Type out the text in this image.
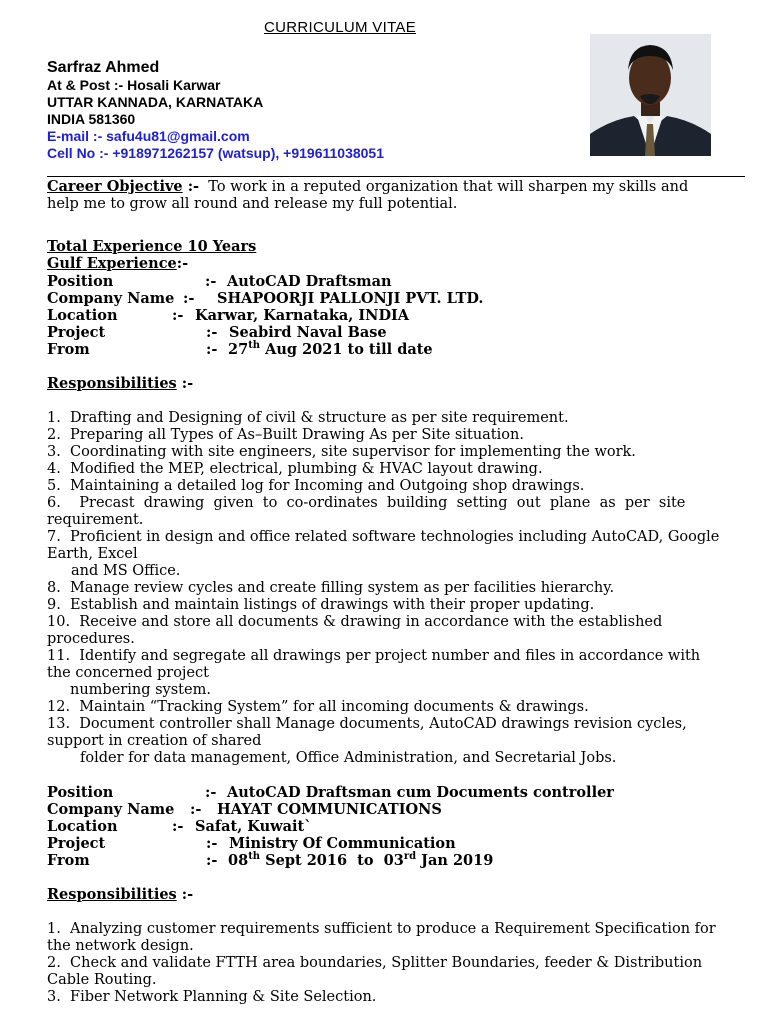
CURRICULUM VITAE
Sarfraz Ahmed
At & Post :- Hosali Karwar
UTTAR KANNADA, KARNATAKA
INDIA 581360
E-mail :- safu4u81@gmail.com
Cell No :- +918971262157 (watsup), +919611038051
Career Objective :-  To work in a reputed organization that will sharpen my skills and
help me to grow all round and release my full potential.
Total Experience 10 Years
Gulf Experience:-
Position	:- AutoCAD Draftsman
Company Name :-	SHAPOORJI PALLONJI PVT. LTD.
Location	:- Karwar, Karnataka, INDIA
Project	:- Seabird Naval Base
From	:- 27th Aug 2021 to till date
Responsibilities :-
1.  Drafting and Designing of civil & structure as per site requirement.
2.  Preparing all Types of As–Built Drawing As per Site situation.
3.  Coordinating with site engineers, site supervisor for implementing the work.
4.  Modified the MEP, electrical, plumbing & HVAC layout drawing.
5.  Maintaining a detailed log for Incoming and Outgoing shop drawings.
6.    Precast  drawing  given  to  co-ordinates  building  setting  out  plane  as  per  site
requirement.
7.  Proficient in design and office related software technologies including AutoCAD, Google
Earth, Excel
and MS Office.
8.  Manage review cycles and create filling system as per facilities hierarchy.
9.  Establish and maintain listings of drawings with their proper updating.
10.  Receive and store all documents & drawing in accordance with the established
procedures.
11.  Identify and segregate all drawings per project number and files in accordance with
the concerned project
numbering system.
12.  Maintain “Tracking System” for all incoming documents & drawings.
13.  Document controller shall Manage documents, AutoCAD drawings revision cycles,
support in creation of shared
folder for data management, Office Administration, and Secretarial Jobs.
Position	:- AutoCAD Draftsman cum Documents controller
Company Name	:-	HAYAT COMMUNICATIONS
Location	:- Safat, Kuwait`
Project	:- Ministry Of Communication
From	:- 08th Sept 2016  to  03rd Jan 2019
Responsibilities :-
1.  Analyzing customer requirements sufficient to produce a Requirement Specification for
the network design.
2.  Check and validate FTTH area boundaries, Splitter Boundaries, feeder & Distribution
Cable Routing.
3.  Fiber Network Planning & Site Selection.
